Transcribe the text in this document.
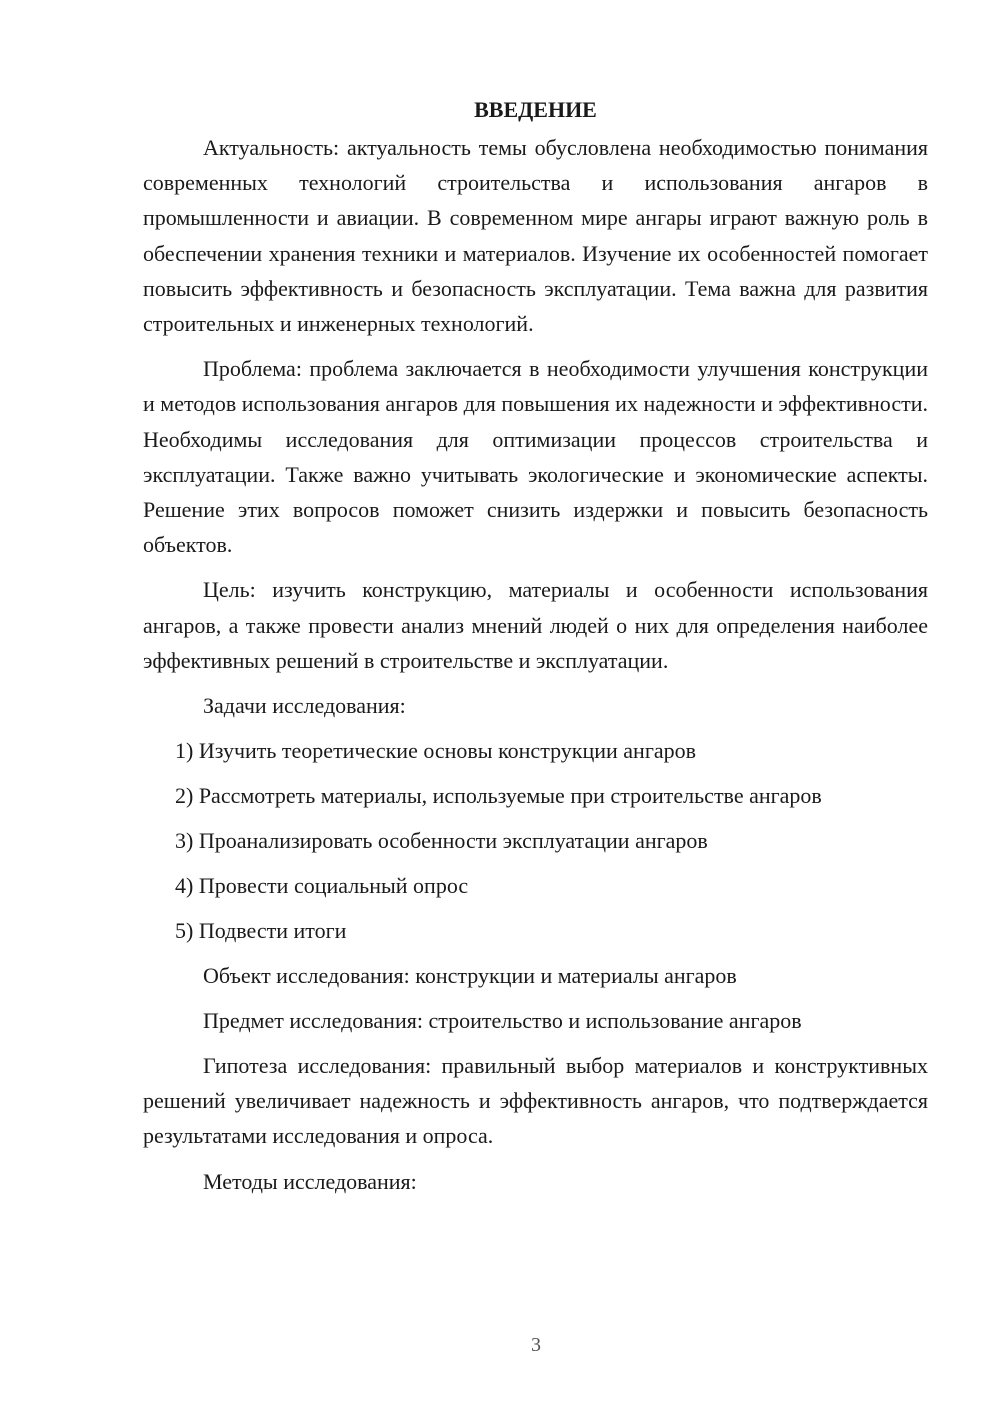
ВВЕДЕНИЕ

Актуальность: актуальность темы обусловлена необходимостью понимания современных технологий строительства и использования ангаров в промышленности и авиации. В современном мире ангары играют важную роль в обеспечении хранения техники и материалов. Изучение их особенностей помогает повысить эффективность и безопасность эксплуатации. Тема важна для развития строительных и инженерных технологий.

Проблема: проблема заключается в необходимости улучшения конструкции и методов использования ангаров для повышения их надежности и эффективности. Необходимы исследования для оптимизации процессов строительства и эксплуатации. Также важно учитывать экологические и экономические аспекты. Решение этих вопросов поможет снизить издержки и повысить безопасность объектов.

Цель: изучить конструкцию, материалы и особенности использования ангаров, а также провести анализ мнений людей о них для определения наиболее эффективных решений в строительстве и эксплуатации.

Задачи исследования:
1) Изучить теоретические основы конструкции ангаров
2) Рассмотреть материалы, используемые при строительстве ангаров
3) Проанализировать особенности эксплуатации ангаров
4) Провести социальный опрос
5) Подвести итоги
Объект исследования: конструкции и материалы ангаров
Предмет исследования: строительство и использование ангаров

Гипотеза исследования: правильный выбор материалов и конструктивных решений увеличивает надежность и эффективность ангаров, что подтверждается результатами исследования и опроса.

Методы исследования:
3
